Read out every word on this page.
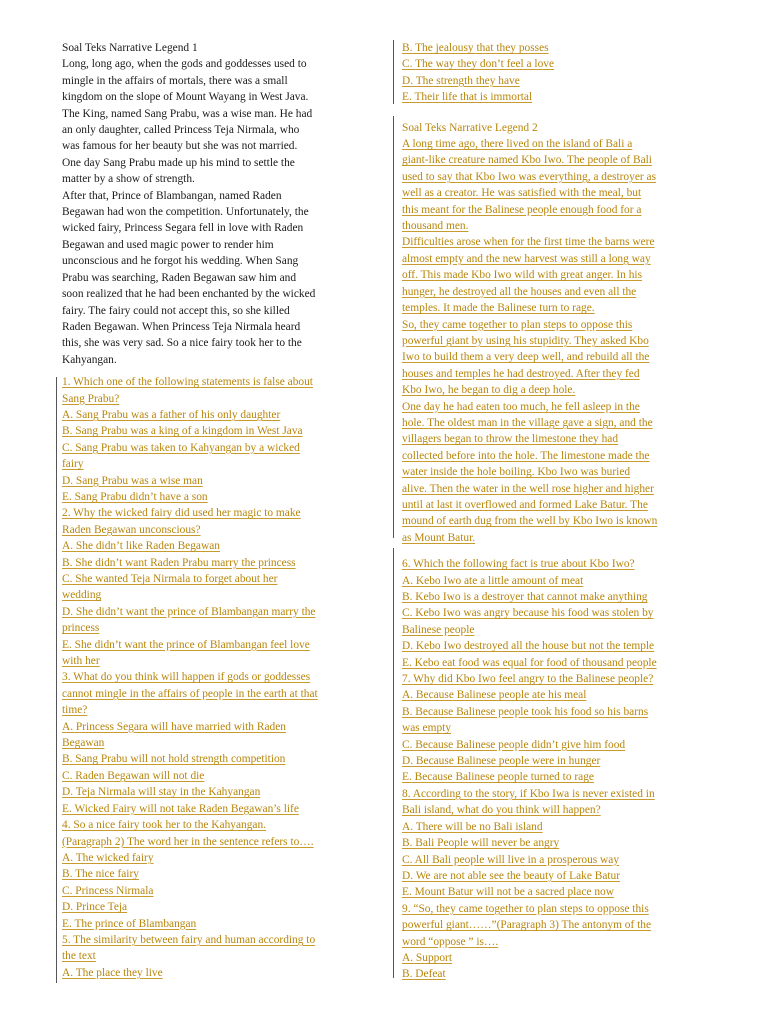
Soal Teks Narrative Legend 1
Long, long ago, when the gods and goddesses used to
mingle in the affairs of mortals, there was a small
kingdom on the slope of Mount Wayang in West Java.
The King, named Sang Prabu, was a wise man. He had
an only daughter, called Princess Teja Nirmala, who
was famous for her beauty but she was not married.
One day Sang Prabu made up his mind to settle the
matter by a show of strength.
After that, Prince of Blambangan, named Raden
Begawan had won the competition. Unfortunately, the
wicked fairy, Princess Segara fell in love with Raden
Begawan and used magic power to render him
unconscious and he forgot his wedding. When Sang
Prabu was searching, Raden Begawan saw him and
soon realized that he had been enchanted by the wicked
fairy. The fairy could not accept this, so she killed
Raden Begawan. When Princess Teja Nirmala heard
this, she was very sad. So a nice fairy took her to the
Kahyangan.
1. Which one of the following statements is false about
Sang Prabu?
A. Sang Prabu was a father of his only daughter
B. Sang Prabu was a king of a kingdom in West Java
C. Sang Prabu was taken to Kahyangan by a wicked
fairy
D. Sang Prabu was a wise man
E. Sang Prabu didn’t have a son
2. Why the wicked fairy did used her magic to make
Raden Begawan unconscious?
A. She didn’t like Raden Begawan
B. She didn’t want Raden Prabu marry the princess
C. She wanted Teja Nirmala to forget about her
wedding
D. She didn’t want the prince of Blambangan marry the
princess
E. She didn’t want the prince of Blambangan feel love
with her
3. What do you think will happen if gods or goddesses
cannot mingle in the affairs of people in the earth at that
time?
A. Princess Segara will have married with Raden
Begawan
B. Sang Prabu will not hold strength competition
C. Raden Begawan will not die
D. Teja Nirmala will stay in the Kahyangan
E. Wicked Fairy will not take Raden Begawan’s life
4. So a nice fairy took her to the Kahyangan.
(Paragraph 2) The word her in the sentence refers to….
A. The wicked fairy
B. The nice fairy
C. Princess Nirmala
D. Prince Teja
E. The prince of Blambangan
5. The similarity between fairy and human according to
the text
A. The place they live
B. The jealousy that they posses
C. The way they don’t feel a love
D. The strength they have
E. Their life that is immortal
Soal Teks Narrative Legend 2
A long time ago, there lived on the island of Bali a
giant-like creature named Kbo Iwo. The people of Bali
used to say that Kbo Iwo was everything, a destroyer as
well as a creator. He was satisfied with the meal, but
this meant for the Balinese people enough food for a
thousand men.
Difficulties arose when for the first time the barns were
almost empty and the new harvest was still a long way
off. This made Kbo Iwo wild with great anger. In his
hunger, he destroyed all the houses and even all the
temples. It made the Balinese turn to rage.
So, they came together to plan steps to oppose this
powerful giant by using his stupidity. They asked Kbo
Iwo to build them a very deep well, and rebuild all the
houses and temples he had destroyed. After they fed
Kbo Iwo, he began to dig a deep hole.
One day he had eaten too much, he fell asleep in the
hole. The oldest man in the village gave a sign, and the
villagers began to throw the limestone they had
collected before into the hole. The limestone made the
water inside the hole boiling. Kbo Iwo was buried
alive. Then the water in the well rose higher and higher
until at last it overflowed and formed Lake Batur. The
mound of earth dug from the well by Kbo Iwo is known
as Mount Batur.
6. Which the following fact is true about Kbo Iwo?
A. Kebo Iwo ate a little amount of meat
B. Kebo Iwo is a destroyer that cannot make anything
C. Kebo Iwo was angry because his food was stolen by
Balinese people
D. Kebo Iwo destroyed all the house but not the temple
E. Kebo eat food was equal for food of thousand people
7. Why did Kbo Iwo feel angry to the Balinese people?
A. Because Balinese people ate his meal
B. Because Balinese people took his food so his barns
was empty
C. Because Balinese people didn’t give him food
D. Because Balinese people were in hunger
E. Because Balinese people turned to rage
8. According to the story, if Kbo Iwa is never existed in
Bali island, what do you think will happen?
A. There will be no Bali island
B. Bali People will never be angry
C. All Bali people will live in a prosperous way
D. We are not able see the beauty of Lake Batur
E. Mount Batur will not be a sacred place now
9. “So, they came together to plan steps to oppose this
powerful giant……”(Paragraph 3) The antonym of the
word “oppose ” is….
A. Support
B. Defeat
